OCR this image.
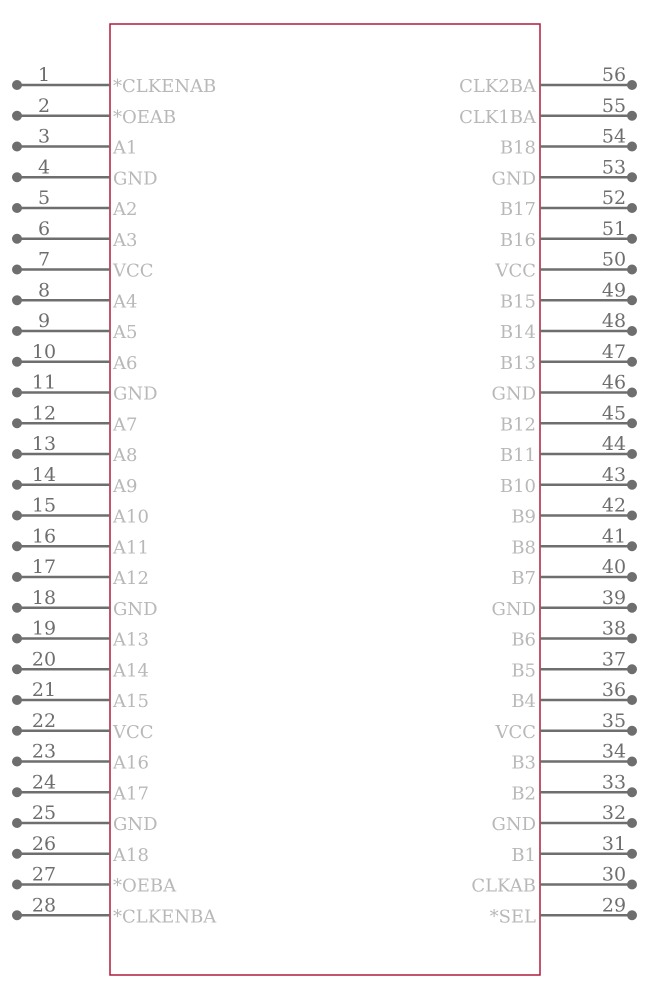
1
*CLKENAB
2
*OEAB
3
A1
4
GND
5
A2
6
A3
7
VCC
8
A4
9
A5
10
A6
11
GND
12
A7
13
A8
14
A9
15
A10
16
A11
17
A12
18
GND
19
A13
20
A14
21
A15
22
VCC
23
A16
24
A17
25
GND
26
A18
27
*OEBA
28
*CLKENBA
56
CLK2BA
55
CLK1BA
54
B18
53
GND
52
B17
51
B16
50
VCC
49
B15
48
B14
47
B13
46
GND
45
B12
44
B11
43
B10
42
B9
41
B8
40
B7
39
GND
38
B6
37
B5
36
B4
35
VCC
34
B3
33
B2
32
GND
31
B1
30
CLKAB
29
*SEL
